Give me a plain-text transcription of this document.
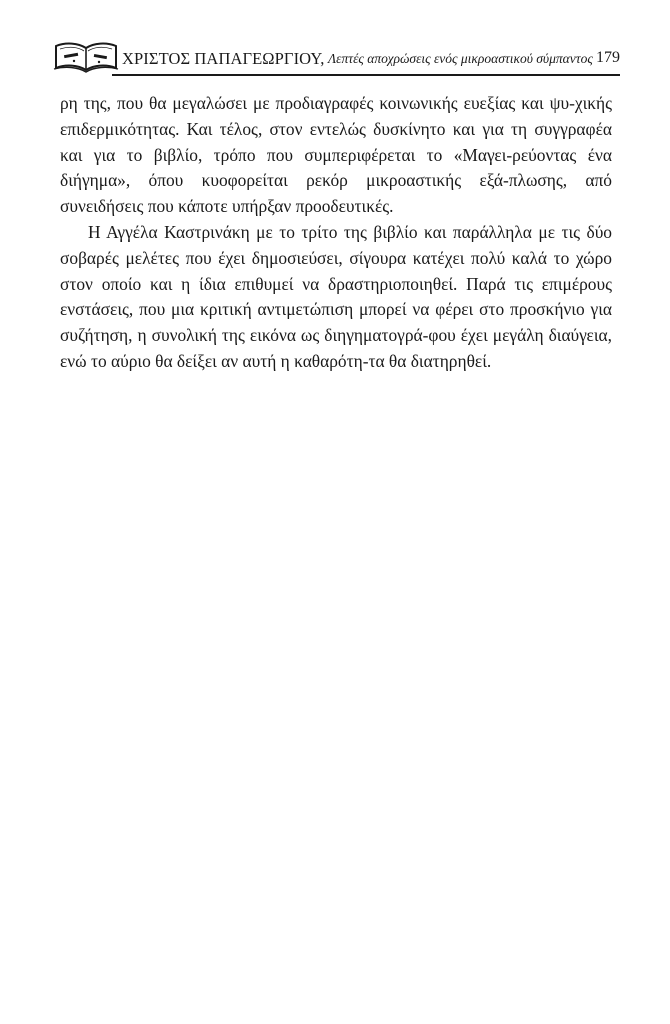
ΧΡΙΣΤΟΣ ΠΑΠΑΓΕΩΡΓΙΟΥ, Λεπτές αποχρώσεις ενός μικροαστικού σύμπαντος 179

ρη της, που θα μεγαλώσει με προδιαγραφές κοινωνικής ευεξίας και ψυ-χικής επιδερμικότητας. Και τέλος, στον εντελώς δυσκίνητο και για τη συγγραφέα και για το βιβλίο, τρόπο που συμπεριφέρεται το «Μαγει-ρεύοντας ένα διήγημα», όπου κυοφορείται ρεκόρ μικροαστικής εξά-πλωσης, από συνειδήσεις που κάποτε υπήρξαν προοδευτικές.

Η Αγγέλα Καστρινάκη με το τρίτο της βιβλίο και παράλληλα με τις δύο σοβαρές μελέτες που έχει δημοσιεύσει, σίγουρα κατέχει πολύ καλά το χώρο στον οποίο και η ίδια επιθυμεί να δραστηριοποιηθεί. Παρά τις επιμέρους ενστάσεις, που μια κριτική αντιμετώπιση μπορεί να φέρει στο προσκήνιο για συζήτηση, η συνολική της εικόνα ως διηγηματογρά-φου έχει μεγάλη διαύγεια, ενώ το αύριο θα δείξει αν αυτή η καθαρότη-τα θα διατηρηθεί.
